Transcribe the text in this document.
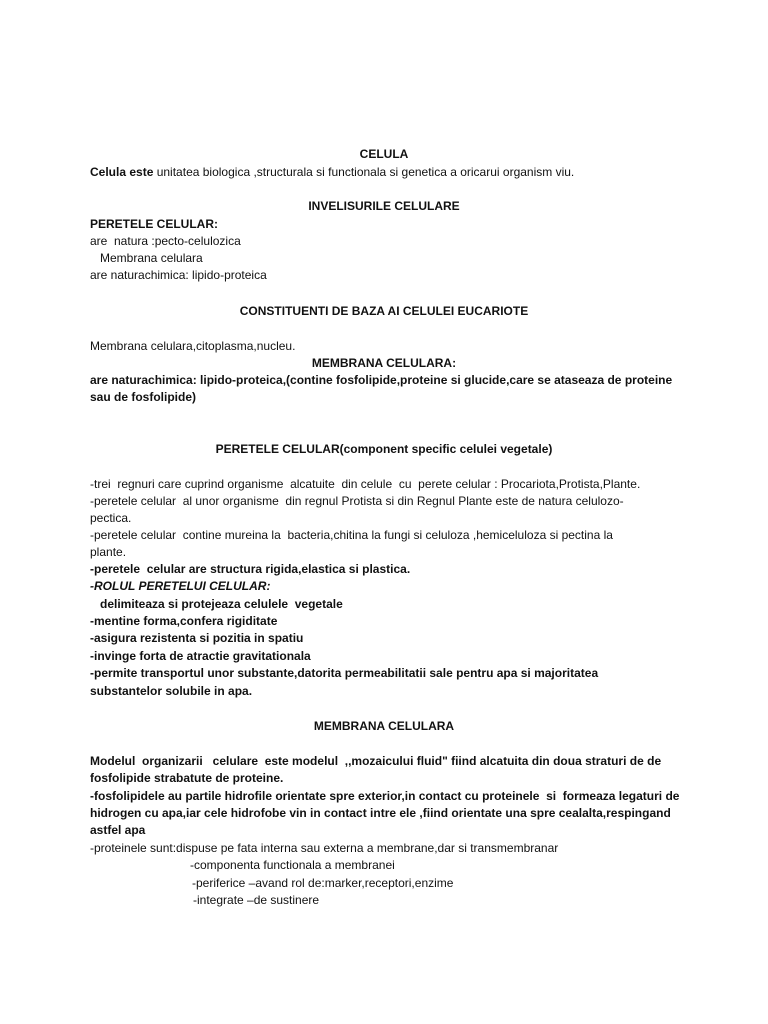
CELULA
Celula este unitatea biologica ,structurala si functionala si genetica a oricarui organism viu.
INVELISURILE CELULARE
PERETELE CELULAR:
are  natura :pecto-celulozica
Membrana celulara
are naturachimica: lipido-proteica
CONSTITUENTI DE BAZA AI CELULEI EUCARIOTE
Membrana celulara,citoplasma,nucleu.
MEMBRANA CELULARA:
are naturachimica: lipido-proteica,(contine fosfolipide,proteine si glucide,care se ataseaza de proteine
sau de fosfolipide)
PERETELE CELULAR(component specific celulei vegetale)
-trei  regnuri care cuprind organisme  alcatuite  din celule  cu  perete celular : Procariota,Protista,Plante.
-peretele celular  al unor organisme  din regnul Protista si din Regnul Plante este de natura celulozo-
pectica.
-peretele celular  contine mureina la  bacteria,chitina la fungi si celuloza ,hemiceluloza si pectina la
plante.
-peretele  celular are structura rigida,elastica si plastica.
-ROLUL PERETELUI CELULAR:
delimiteaza si protejeaza celulele  vegetale
-mentine forma,confera rigiditate
-asigura rezistenta si pozitia in spatiu
-invinge forta de atractie gravitationala
-permite transportul unor substante,datorita permeabilitatii sale pentru apa si majoritatea
substantelor solubile in apa.
MEMBRANA CELULARA
Modelul  organizarii   celulare  este modelul  ,,mozaicului fluid" fiind alcatuita din doua straturi de de
fosfolipide strabatute de proteine.
-fosfolipidele au partile hidrofile orientate spre exterior,in contact cu proteinele  si  formeaza legaturi de
hidrogen cu apa,iar cele hidrofobe vin in contact intre ele ,fiind orientate una spre cealalta,respingand
astfel apa
-proteinele sunt:dispuse pe fata interna sau externa a membrane,dar si transmembranar
-componenta functionala a membranei
-periferice –avand rol de:marker,receptori,enzime
-integrate –de sustinere
